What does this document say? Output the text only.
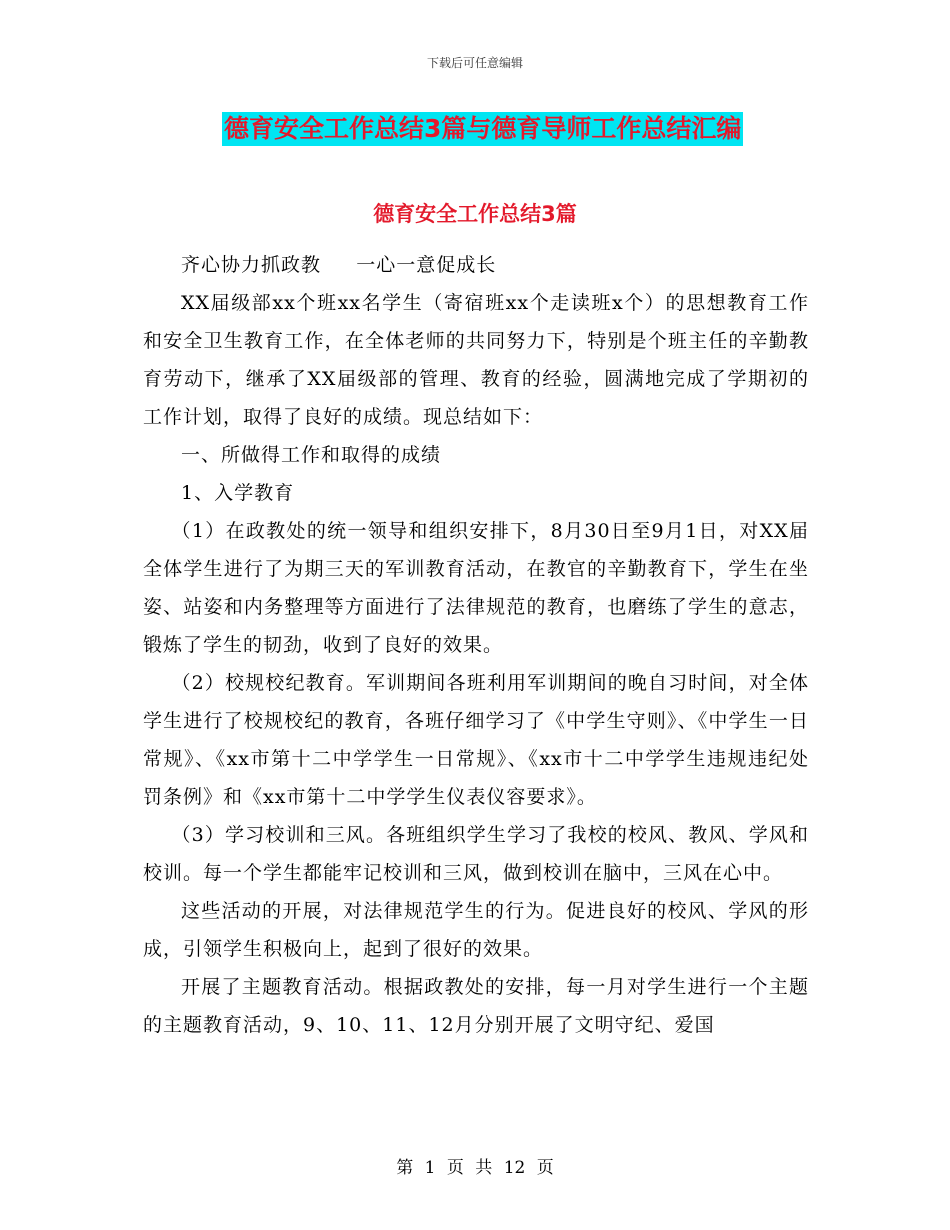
下载后可任意编辑
德育安全工作总结3篇与德育导师工作总结汇编
德育安全工作总结3篇

齐心协力抓政教     一心一意促成长

XX届级部xx个班xx名学生（寄宿班xx个走读班x个）的思想教育工作和安全卫生教育工作，在全体老师的共同努力下，特别是个班主任的辛勤教育劳动下，继承了XX届级部的管理、教育的经验，圆满地完成了学期初的工作计划，取得了良好的成绩。现总结如下：

一、所做得工作和取得的成绩

1、入学教育

（1）在政教处的统一领导和组织安排下，8月30日至9月1日，对XX届全体学生进行了为期三天的军训教育活动，在教官的辛勤教育下，学生在坐姿、站姿和内务整理等方面进行了法律规范的教育，也磨练了学生的意志，锻炼了学生的韧劲，收到了良好的效果。

（2）校规校纪教育。军训期间各班利用军训期间的晚自习时间，对全体学生进行了校规校纪的教育，各班仔细学习了《中学生守则》、《中学生一日常规》、《xx市第十二中学学生一日常规》、《xx市十二中学学生违规违纪处罚条例》和《xx市第十二中学学生仪表仪容要求》。

（3）学习校训和三风。各班组织学生学习了我校的校风、教风、学风和校训。每一个学生都能牢记校训和三风，做到校训在脑中，三风在心中。

这些活动的开展，对法律规范学生的行为。促进良好的校风、学风的形成，引领学生积极向上，起到了很好的效果。

开展了主题教育活动。根据政教处的安排，每一月对学生进行一个主题的主题教育活动，9、10、11、12月分别开展了文明守纪、爱国

第 1 页 共 12 页
